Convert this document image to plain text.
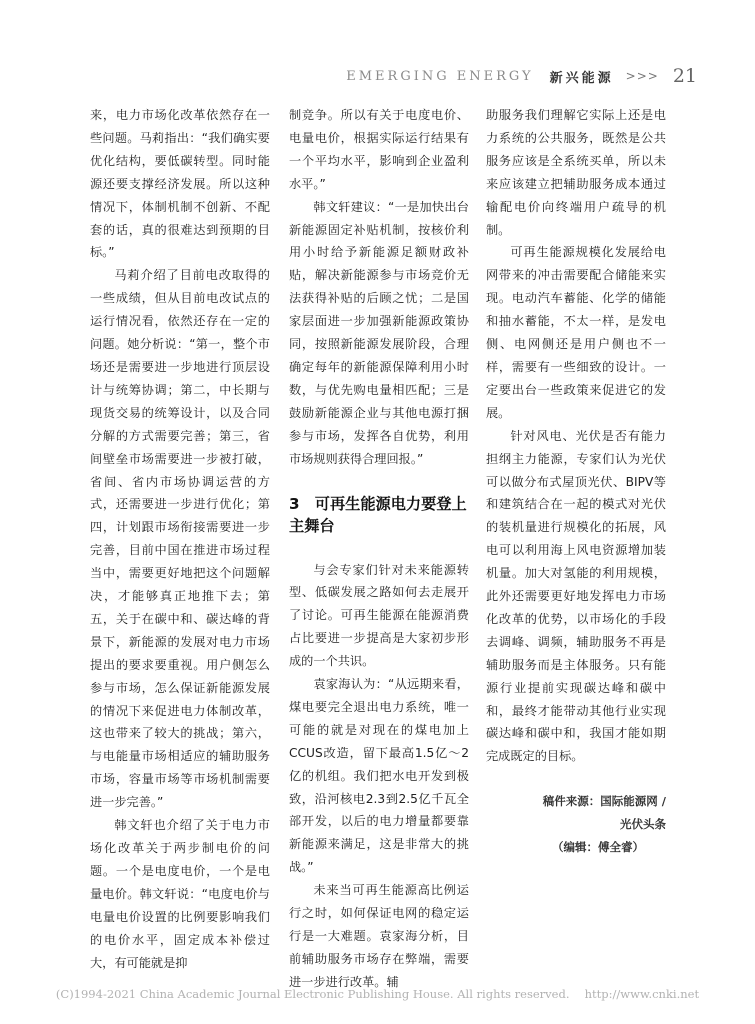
EMERGING ENERGY 新兴能源 >>> 21

来，电力市场化改革依然存在一些问题。马莉指出：“我们确实要优化结构，要低碳转型。同时能源还要支撑经济发展。所以这种情况下，体制机制不创新、不配套的话，真的很难达到预期的目标。”

马莉介绍了目前电改取得的一些成绩，但从目前电改试点的运行情况看，依然还存在一定的问题。她分析说：“第一，整个市场还是需要进一步地进行顶层设计与统筹协调；第二，中长期与现货交易的统筹设计，以及合同分解的方式需要完善；第三，省间壁垒市场需要进一步被打破，省间、省内市场协调运营的方式，还需要进一步进行优化；第四，计划跟市场衔接需要进一步完善，目前中国在推进市场过程当中，需要更好地把这个问题解决，才能够真正地推下去；第五，关于在碳中和、碳达峰的背景下，新能源的发展对电力市场提出的要求要重视。用户侧怎么参与市场，怎么保证新能源发展的情况下来促进电力体制改革，这也带来了较大的挑战；第六，与电能量市场相适应的辅助服务市场，容量市场等市场机制需要进一步完善。”

韩文轩也介绍了关于电力市场化改革关于两步制电价的问题。一个是电度电价，一个是电量电价。韩文轩说：“电度电价与电量电价设置的比例要影响我们的电价水平，固定成本补偿过大，有可能就是抑

制竞争。所以有关于电度电价、电量电价，根据实际运行结果有一个平均水平，影响到企业盈利水平。”

韩文轩建议：“一是加快出台新能源固定补贴机制，按核价利用小时给予新能源足额财政补贴，解决新能源参与市场竞价无法获得补贴的后顾之忧；二是国家层面进一步加强新能源政策协同，按照新能源发展阶段，合理确定每年的新能源保障利用小时数，与优先购电量相匹配；三是鼓励新能源企业与其他电源打捆参与市场，发挥各自优势，利用市场规则获得合理回报。”

3　可再生能源电力要登上主舞台

与会专家们针对未来能源转型、低碳发展之路如何去走展开了讨论。可再生能源在能源消费占比要进一步提高是大家初步形成的一个共识。

袁家海认为：“从远期来看，煤电要完全退出电力系统，唯一可能的就是对现在的煤电加上CCUS改造，留下最高1.5亿～2亿的机组。我们把水电开发到极致，沿河核电2.3到2.5亿千瓦全部开发，以后的电力增量都要靠新能源来满足，这是非常大的挑战。”

未来当可再生能源高比例运行之时，如何保证电网的稳定运行是一大难题。袁家海分析，目前辅助服务市场存在弊端，需要进一步进行改革。辅

助服务我们理解它实际上还是电力系统的公共服务，既然是公共服务应该是全系统买单，所以未来应该建立把辅助服务成本通过输配电价向终端用户疏导的机制。

可再生能源规模化发展给电网带来的冲击需要配合储能来实现。电动汽车蓄能、化学的储能和抽水蓄能，不太一样，是发电侧、电网侧还是用户侧也不一样，需要有一些细致的设计。一定要出台一些政策来促进它的发展。

针对风电、光伏是否有能力担纲主力能源，专家们认为光伏可以做分布式屋顶光伏、BIPV等和建筑结合在一起的模式对光伏的装机量进行规模化的拓展，风电可以利用海上风电资源增加装机量。加大对氢能的利用规模，此外还需要更好地发挥电力市场化改革的优势，以市场化的手段去调峰、调频，辅助服务不再是辅助服务而是主体服务。只有能源行业提前实现碳达峰和碳中和，最终才能带动其他行业实现碳达峰和碳中和，我国才能如期完成既定的目标。

稿件来源：国际能源网 /
光伏头条
（编辑：傅全睿）
(C)1994-2021 China Academic Journal Electronic Publishing House. All rights reserved.　 http://www.cnki.net
